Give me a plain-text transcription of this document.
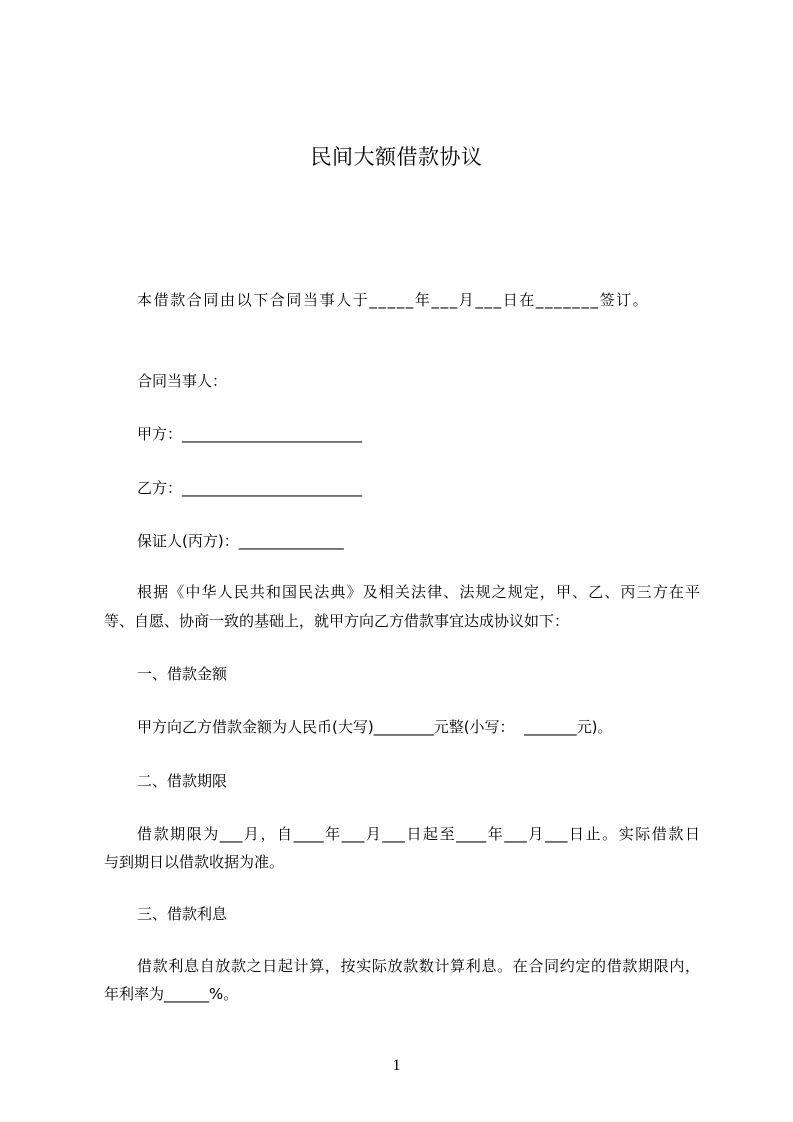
民间大额借款协议
本借款合同由以下合同当事人于_____年___月___日在_______签订。
合同当事人：
甲方：________________________
乙方：________________________
保证人(丙方)：______________
根据《中华人民共和国民法典》及相关法律、法规之规定，甲、乙、丙三方在平
等、自愿、协商一致的基础上，就甲方向乙方借款事宜达成协议如下：
一、借款金额
甲方向乙方借款金额为人民币(大写)________元整(小写：  _______元)。
二、借款期限
借款期限为___月，自____年___月___日起至____年___月___日止。实际借款日
与到期日以借款收据为准。
三、借款利息
借款利息自放款之日起计算，按实际放款数计算利息。在合同约定的借款期限内，
年利率为______%。
1
